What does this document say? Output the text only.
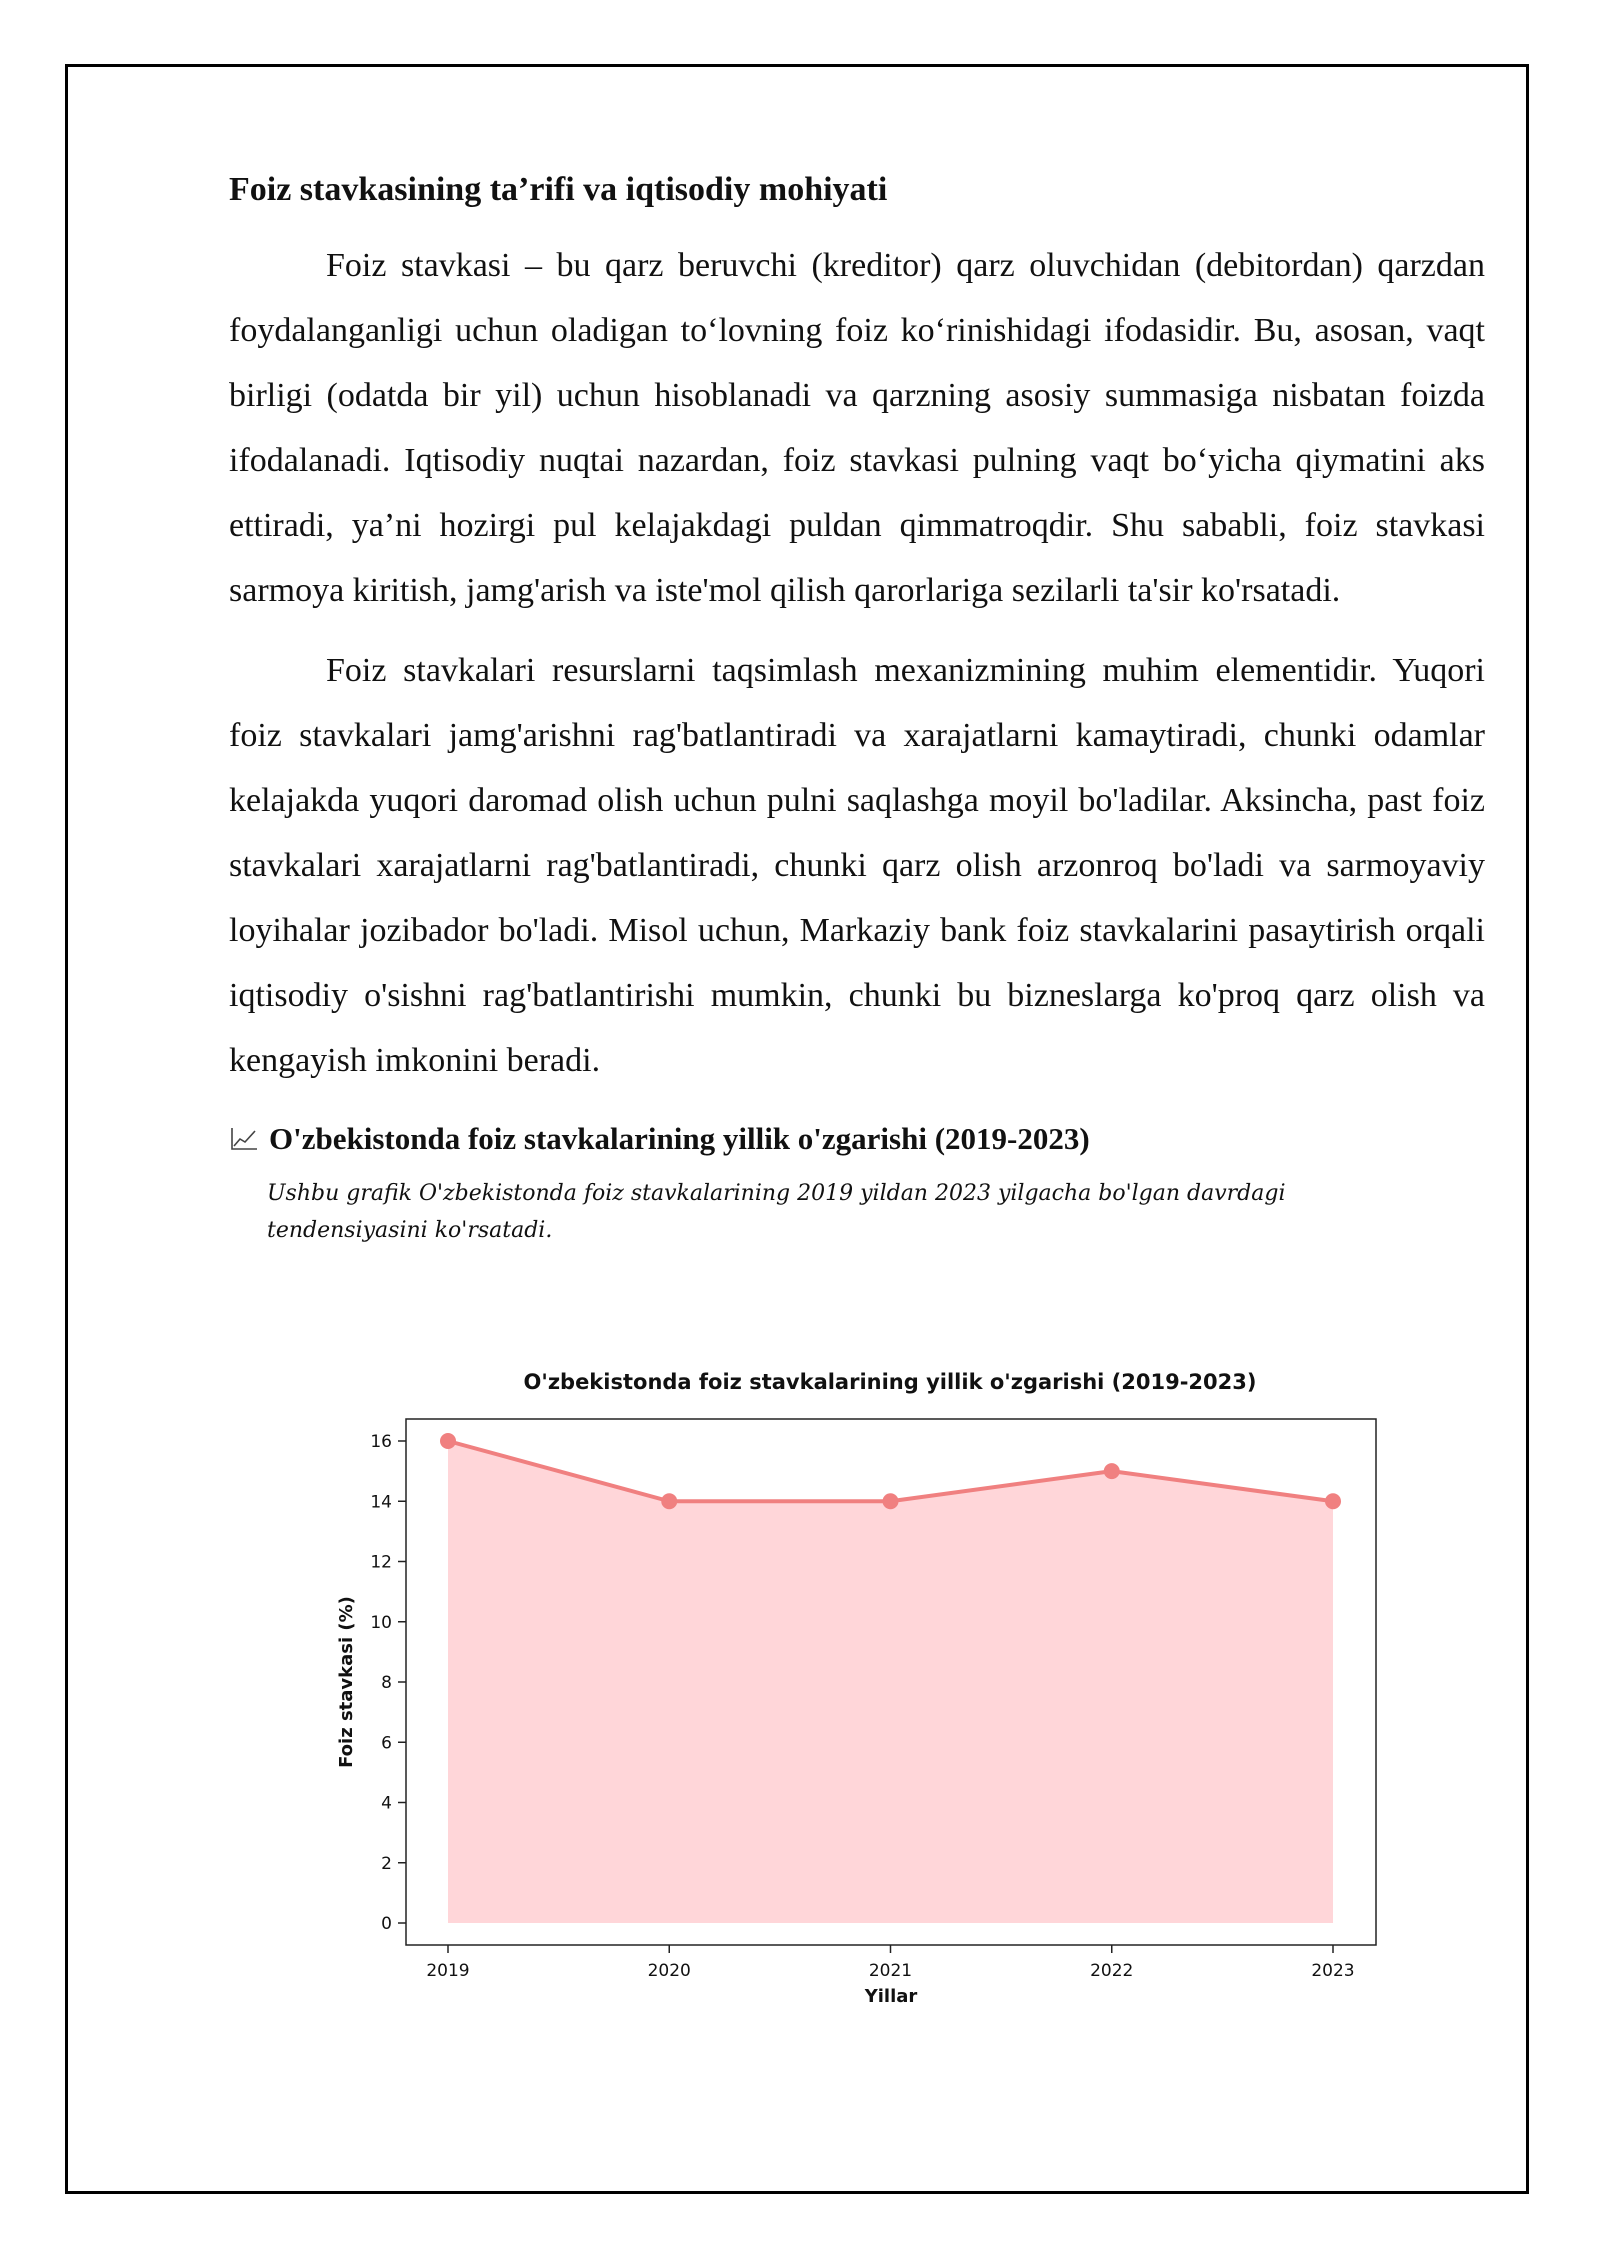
Foiz stavkasining ta’rifi va iqtisodiy mohiyati

Foiz stavkasi – bu qarz beruvchi (kreditor) qarz oluvchidan (debitordan) qarzdan foydalanganligi uchun oladigan to‘lovning foiz ko‘rinishidagi ifodasidir. Bu, asosan, vaqt birligi (odatda bir yil) uchun hisoblanadi va qarzning asosiy summasiga nisbatan foizda ifodalanadi. Iqtisodiy nuqtai nazardan, foiz stavkasi pulning vaqt bo‘yicha qiymatini aks ettiradi, ya’ni hozirgi pul kelajakdagi puldan qimmatroqdir. Shu sababli, foiz stavkasi sarmoya kiritish, jamg'arish va iste'mol qilish qarorlariga sezilarli ta'sir ko'rsatadi.

Foiz stavkalari resurslarni taqsimlash mexanizmining muhim elementidir. Yuqori foiz stavkalari jamg'arishni rag'batlantiradi va xarajatlarni kamaytiradi, chunki odamlar kelajakda yuqori daromad olish uchun pulni saqlashga moyil bo'ladilar. Aksincha, past foiz stavkalari xarajatlarni rag'batlantiradi, chunki qarz olish arzonroq bo'ladi va sarmoyaviy loyihalar jozibador bo'ladi. Misol uchun, Markaziy bank foiz stavkalarini pasaytirish orqali iqtisodiy o'sishni rag'batlantirishi mumkin, chunki bu bizneslarga ko'proq qarz olish va kengayish imkonini beradi.

O'zbekistonda foiz stavkalarining yillik o'zgarishi (2019-2023)

Ushbu grafik O'zbekistonda foiz stavkalarining 2019 yildan 2023 yilgacha bo'lgan davrdagi tendensiyasini ko'rsatadi.

O'zbekistonda foiz stavkalarining yillik o'zgarishi (2019-2023)
0
2
4
6
8
10
12
14
16
2019	2020	2021	2022	2023
Yillar
Foiz stavkasi (%)
